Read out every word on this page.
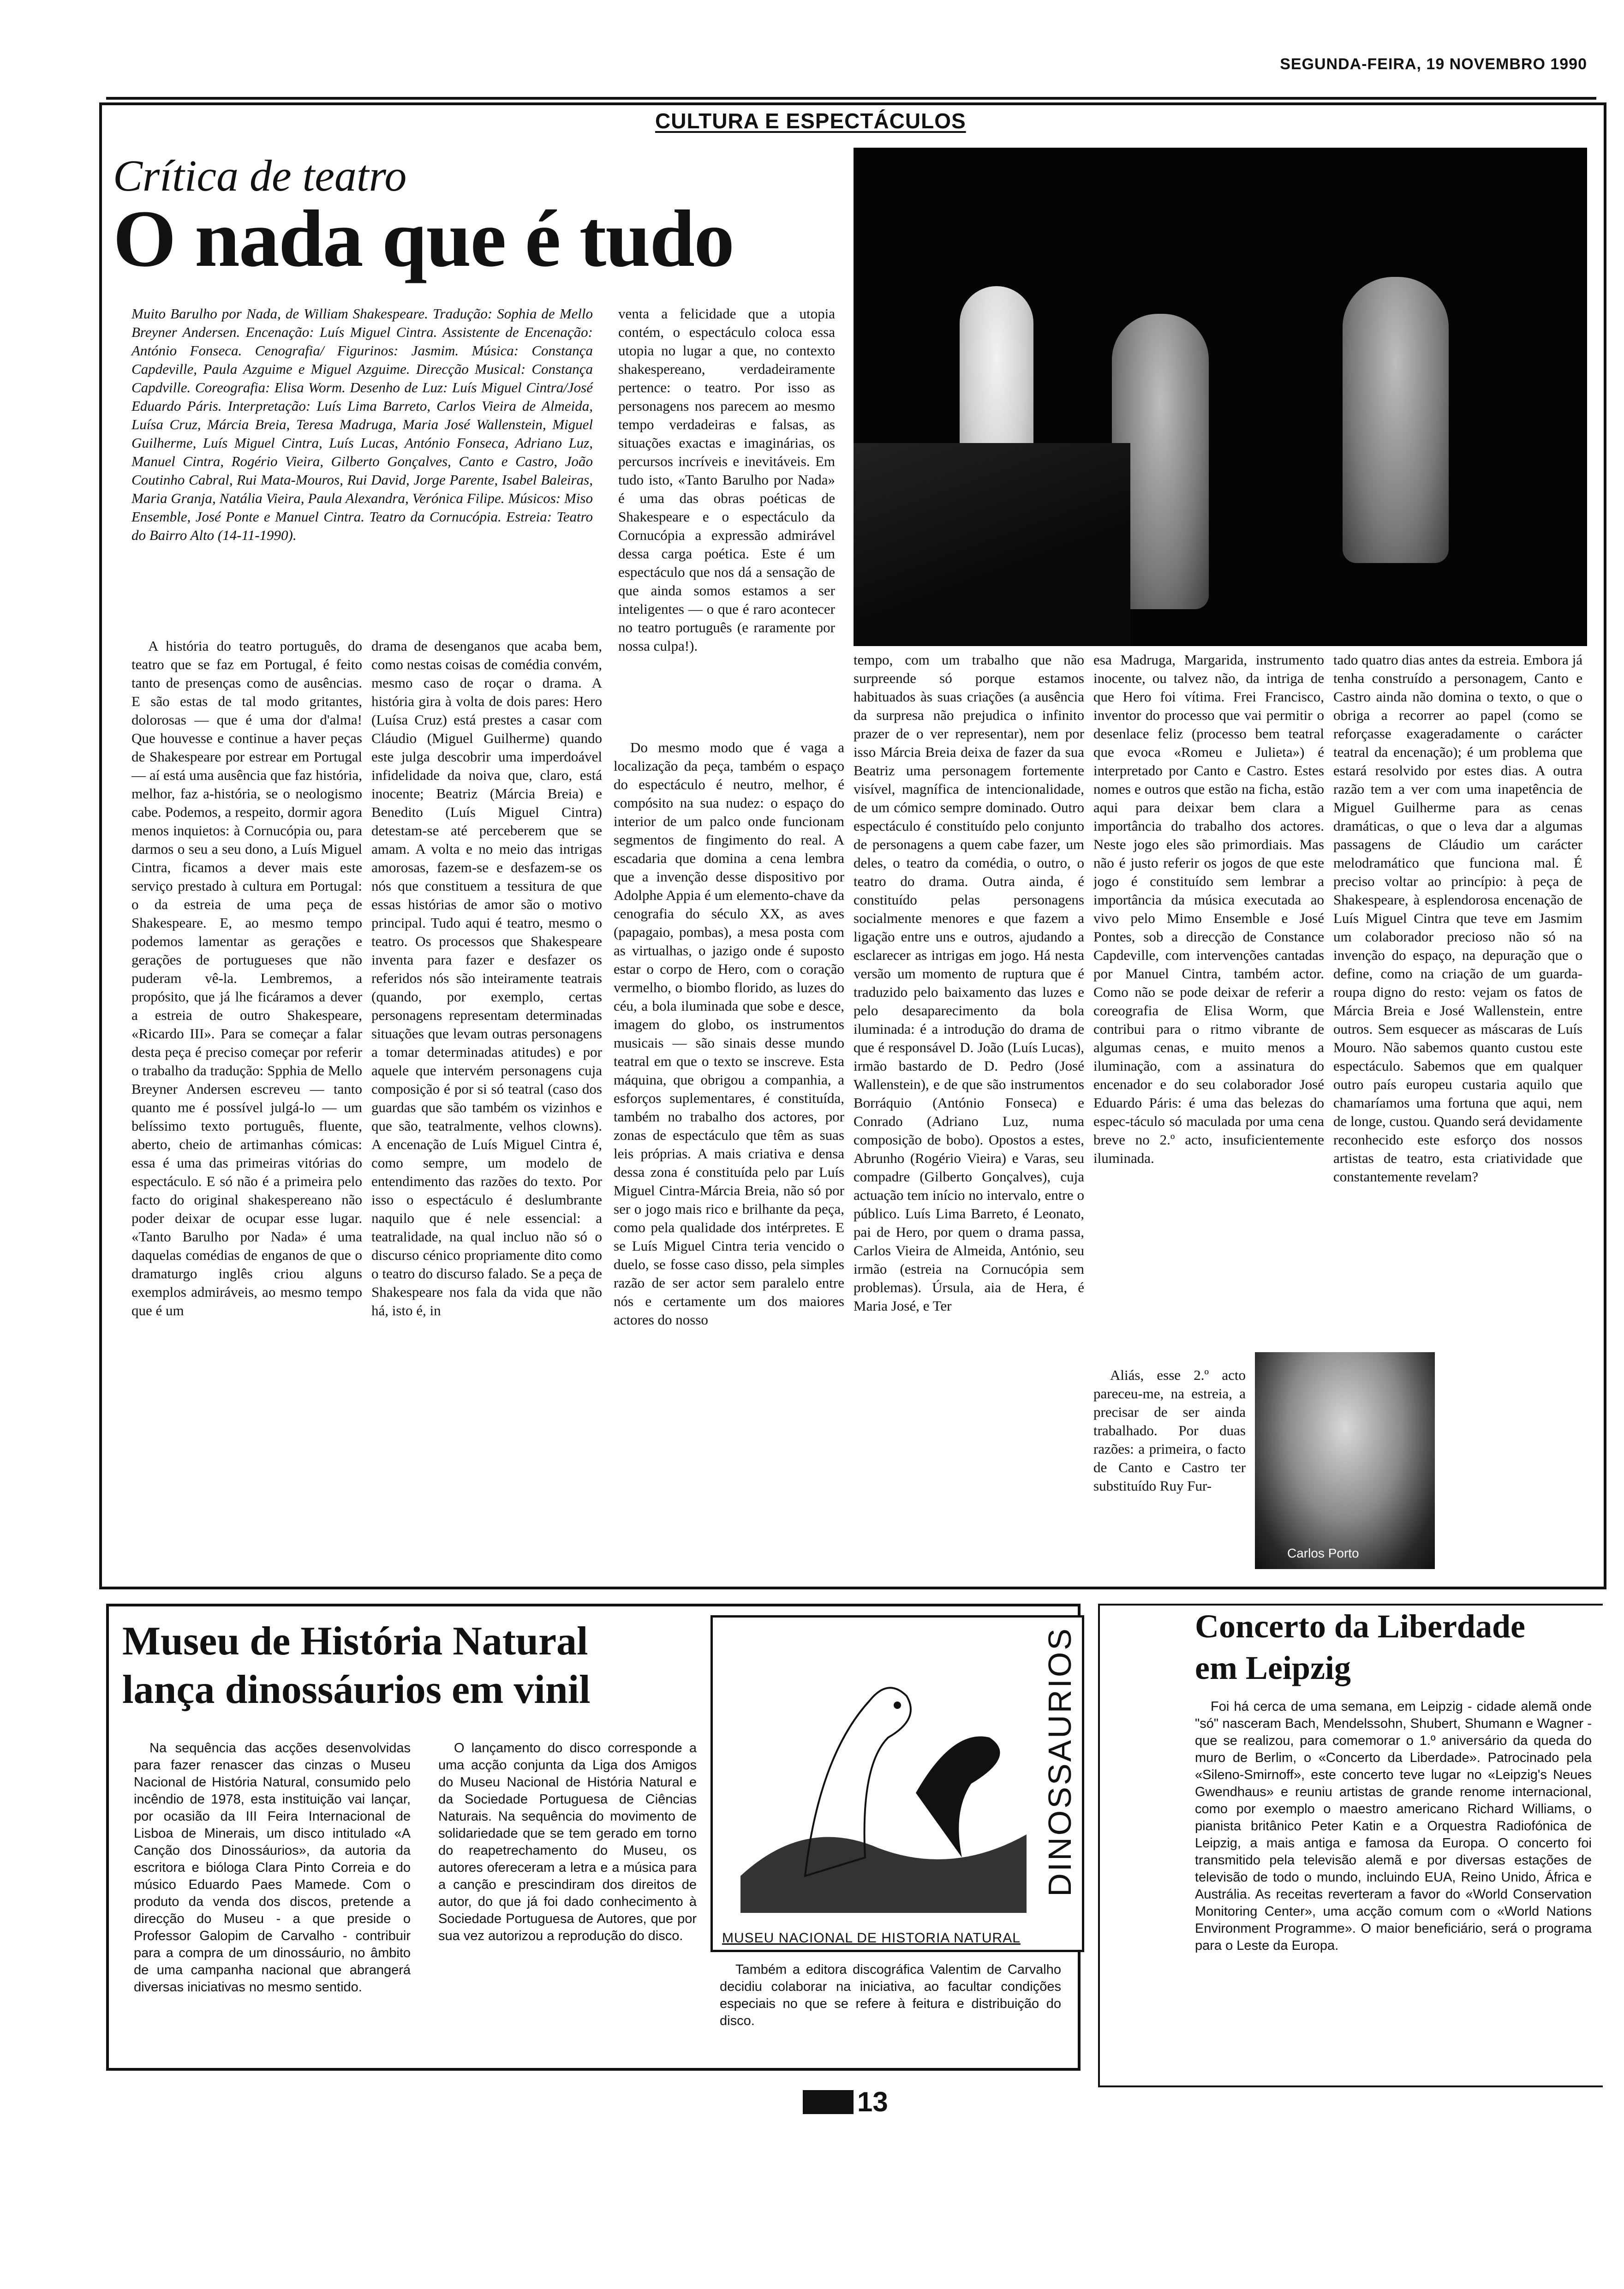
SEGUNDA-FEIRA, 19 NOVEMBRO 1990
CULTURA E ESPECTÁCULOS
Crítica de teatro
O nada que é tudo
Muito Barulho por Nada, de William Shakespeare. Tradução: Sophia de Mello Breyner Andersen. Encenação: Luís Miguel Cintra. Assistente de Encenação: António Fonseca. Cenografia/ Figurinos: Jasmim. Música: Constança Capdeville, Paula Azguime e Miguel Azguime. Direcção Musical: Constança Capdville. Coreografia: Elisa Worm. Desenho de Luz: Luís Miguel Cintra/José Eduardo Páris. Interpretação: Luís Lima Barreto, Carlos Vieira de Almeida, Luísa Cruz, Márcia Breia, Teresa Madruga, Maria José Wallenstein, Miguel Guilherme, Luís Miguel Cintra, Luís Lucas, António Fonseca, Adriano Luz, Manuel Cintra, Rogério Vieira, Gilberto Gonçalves, Canto e Castro, João Coutinho Cabral, Rui Mata-Mouros, Rui David, Jorge Parente, Isabel Baleiras, Maria Granja, Natália Vieira, Paula Alexandra, Verónica Filipe. Músicos: Miso Ensemble, José Ponte e Manuel Cintra. Teatro da Cornucópia. Estreia: Teatro do Bairro Alto (14-11-1990).

venta a felicidade que a utopia contém, o espectáculo coloca essa utopia no lugar a que, no contexto shakespereano, verdadeiramente pertence: o teatro. Por isso as personagens nos parecem ao mesmo tempo verdadeiras e falsas, as situações exactas e imaginárias, os percursos incríveis e inevitáveis. Em tudo isto, «Tanto Barulho por Nada» é uma das obras poéticas de Shakespeare e o espectáculo da Cornucópia a expressão admirável dessa carga poética. Este é um espectáculo que nos dá a sensação de que ainda somos estamos a ser inteligentes — o que é raro acontecer no teatro português (e raramente por nossa culpa!).

A história do teatro português, do teatro que se faz em Portugal, é feito tanto de presenças como de ausências. E são estas de tal modo gritantes, dolorosas — que é uma dor d'alma! Que houvesse e continue a haver peças de Shakespeare por estrear em Portugal — aí está uma ausência que faz história, melhor, faz a-história, se o neologismo cabe. Podemos, a respeito, dormir agora menos inquietos: à Cornucópia ou, para darmos o seu a seu dono, a Luís Miguel Cintra, ficamos a dever mais este serviço prestado à cultura em Portugal: o da estreia de uma peça de Shakespeare. E, ao mesmo tempo podemos lamentar as gerações e gerações de portugueses que não puderam vê-la. Lembremos, a propósito, que já lhe ficáramos a dever a estreia de outro Shakespeare, «Ricardo III». Para se começar a falar desta peça é preciso começar por referir o trabalho da tradução: Spphia de Mello Breyner Andersen escreveu — tanto quanto me é possível julgá-lo — um belíssimo texto português, fluente, aberto, cheio de artimanhas cómicas: essa é uma das primeiras vitórias do espectáculo. E só não é a primeira pelo facto do original shakespereano não poder deixar de ocupar esse lugar. «Tanto Barulho por Nada» é uma daquelas comédias de enganos de que o dramaturgo inglês criou alguns exemplos admiráveis, ao mesmo tempo que é um

drama de desenganos que acaba bem, como nestas coisas de comédia convém, mesmo caso de roçar o drama. A história gira à volta de dois pares: Hero (Luísa Cruz) está prestes a casar com Cláudio (Miguel Guilherme) quando este julga descobrir uma imperdoável infidelidade da noiva que, claro, está inocente; Beatriz (Márcia Breia) e Benedito (Luís Miguel Cintra) detestam-se até perceberem que se amam. A volta e no meio das intrigas amorosas, fazem-se e desfazem-se os nós que constituem a tessitura de que essas histórias de amor são o motivo principal. Tudo aqui é teatro, mesmo o teatro. Os processos que Shakespeare inventa para fazer e desfazer os referidos nós são inteiramente teatrais (quando, por exemplo, certas personagens representam determinadas situações que levam outras personagens a tomar determinadas atitudes) e por aquele que intervém personagens cuja composição é por si só teatral (caso dos guardas que são também os vizinhos e que são, teatralmente, velhos clowns). A encenação de Luís Miguel Cintra é, como sempre, um modelo de entendimento das razões do texto. Por isso o espectáculo é deslumbrante naquilo que é nele essencial: a teatralidade, na qual incluo não só o discurso cénico propriamente dito como o teatro do discurso falado. Se a peça de Shakespeare nos fala da vida que não há, isto é, in

Do mesmo modo que é vaga a localização da peça, também o espaço do espectáculo é neutro, melhor, é compósito na sua nudez: o espaço do interior de um palco onde funcionam segmentos de fingimento do real. A escadaria que domina a cena lembra que a invenção desse dispositivo por Adolphe Appia é um elemento-chave da cenografia do século XX, as aves (papagaio, pombas), a mesa posta com as virtualhas, o jazigo onde é suposto estar o corpo de Hero, com o coração vermelho, o biombo florido, as luzes do céu, a bola iluminada que sobe e desce, imagem do globo, os instrumentos musicais — são sinais desse mundo teatral em que o texto se inscreve. Esta máquina, que obrigou a companhia, a esforços suplementares, é constituída, também no trabalho dos actores, por zonas de espectáculo que têm as suas leis próprias. A mais criativa e densa dessa zona é constituída pelo par Luís Miguel Cintra-Márcia Breia, não só por ser o jogo mais rico e brilhante da peça, como pela qualidade dos intérpretes. E se Luís Miguel Cintra teria vencido o duelo, se fosse caso disso, pela simples razão de ser actor sem paralelo entre nós e certamente um dos maiores actores do nosso

tempo, com um trabalho que não surpreende só porque estamos habituados às suas criações (a ausência da surpresa não prejudica o infinito prazer de o ver representar), nem por isso Márcia Breia deixa de fazer da sua Beatriz uma personagem fortemente visível, magnífica de intencionalidade, de um cómico sempre dominado. Outro espectáculo é constituído pelo conjunto de personagens a quem cabe fazer, um deles, o teatro da comédia, o outro, o teatro do drama. Outra ainda, é constituído pelas personagens socialmente menores e que fazem a ligação entre uns e outros, ajudando a esclarecer as intrigas em jogo. Há nesta versão um momento de ruptura que é traduzido pelo baixamento das luzes e pelo desaparecimento da bola iluminada: é a introdução do drama de que é responsável D. João (Luís Lucas), irmão bastardo de D. Pedro (José Wallenstein), e de que são instrumentos Borráquio (António Fonseca) e Conrado (Adriano Luz, numa composição de bobo). Opostos a estes, Abrunho (Rogério Vieira) e Varas, seu compadre (Gilberto Gonçalves), cuja actuação tem início no intervalo, entre o público. Luís Lima Barreto, é Leonato, pai de Hero, por quem o drama passa, Carlos Vieira de Almeida, António, seu irmão (estreia na Cornucópia sem problemas). Úrsula, aia de Hera, é Maria José, e Ter

esa Madruga, Margarida, instrumento inocente, ou talvez não, da intriga de que Hero foi vítima. Frei Francisco, inventor do processo que vai permitir o desenlace feliz (processo bem teatral que evoca «Romeu e Julieta») é interpretado por Canto e Castro. Estes nomes e outros que estão na ficha, estão aqui para deixar bem clara a importância do trabalho dos actores. Neste jogo eles são primordiais. Mas não é justo referir os jogos de que este jogo é constituído sem lembrar a importância da música executada ao vivo pelo Mimo Ensemble e José Pontes, sob a direcção de Constance Capdeville, com intervenções cantadas por Manuel Cintra, também actor. Como não se pode deixar de referir a coreografia de Elisa Worm, que contribui para o ritmo vibrante de algumas cenas, e muito menos a iluminação, com a assinatura do encenador e do seu colaborador José Eduardo Páris: é uma das belezas do espec-táculo só maculada por uma cena breve no 2.º acto, insuficientemente iluminada.

Aliás, esse 2.º acto pareceu-me, na estreia, a precisar de ser ainda trabalhado. Por duas razões: a primeira, o facto de Canto e Castro ter substituído Ruy Fur-

Carlos Porto

tado quatro dias antes da estreia. Embora já tenha construído a personagem, Canto e Castro ainda não domina o texto, o que o obriga a recorrer ao papel (como se reforçasse exageradamente o carácter teatral da encenação); é um problema que estará resolvido por estes dias. A outra razão tem a ver com uma inapetência de Miguel Guilherme para as cenas dramáticas, o que o leva dar a algumas passagens de Cláudio um carácter melodramático que funciona mal. É preciso voltar ao princípio: à peça de Shakespeare, à esplendorosa encenação de Luís Miguel Cintra que teve em Jasmim um colaborador precioso não só na invenção do espaço, na depuração que o define, como na criação de um guarda-roupa digno do resto: vejam os fatos de Márcia Breia e José Wallenstein, entre outros. Sem esquecer as máscaras de Luís Mouro. Não sabemos quanto custou este espectáculo. Sabemos que em qualquer outro país europeu custaria aquilo que chamaríamos uma fortuna que aqui, nem de longe, custou. Quando será devidamente reconhecido este esforço dos nossos artistas de teatro, esta criatividade que constantemente revelam?

Museu de História Natural
lança dinossáurios em vinil	DINOSSAURIOS
MUSEU NACIONAL DE HISTORIA NATURAL

Na sequência das acções desenvolvidas para fazer renascer das cinzas o Museu Nacional de História Natural, consumido pelo incêndio de 1978, esta instituição vai lançar, por ocasião da III Feira Internacional de Lisboa de Minerais, um disco intitulado «A Canção dos Dinossáurios», da autoria da escritora e bióloga Clara Pinto Correia e do músico Eduardo Paes Mamede. Com o produto da venda dos discos, pretende a direcção do Museu - a que preside o Professor Galopim de Carvalho - contribuir para a compra de um dinossáurio, no âmbito de uma campanha nacional que abrangerá diversas iniciativas no mesmo sentido.

O lançamento do disco corresponde a uma acção conjunta da Liga dos Amigos do Museu Nacional de História Natural e da Sociedade Portuguesa de Ciências Naturais. Na sequência do movimento de solidariedade que se tem gerado em torno do reapetrechamento do Museu, os autores ofereceram a letra e a música para a canção e prescindiram dos direitos de autor, do que já foi dado conhecimento à Sociedade Portuguesa de Autores, que por sua vez autorizou a reprodução do disco.

Também a editora discográfica Valentim de Carvalho decidiu colaborar na iniciativa, ao facultar condições especiais no que se refere à feitura e distribuição do disco.

Concerto da Liberdade
em Leipzig

Foi há cerca de uma semana, em Leipzig - cidade alemã onde "só" nasceram Bach, Mendelssohn, Shubert, Shumann e Wagner - que se realizou, para comemorar o 1.º aniversário da queda do muro de Berlim, o «Concerto da Liberdade». Patrocinado pela «Sileno-Smirnoff», este concerto teve lugar no «Leipzig's Neues Gwendhaus» e reuniu artistas de grande renome internacional, como por exemplo o maestro americano Richard Williams, o pianista britânico Peter Katin e a Orquestra Radiofónica de Leipzig, a mais antiga e famosa da Europa. O concerto foi transmitido pela televisão alemã e por diversas estações de televisão de todo o mundo, incluindo EUA, Reino Unido, África e Austrália. As receitas reverteram a favor do «World Conservation Monitoring Center», uma acção comum com o «World Nations Environment Programme». O maior beneficiário, será o programa para o Leste da Europa.

13
